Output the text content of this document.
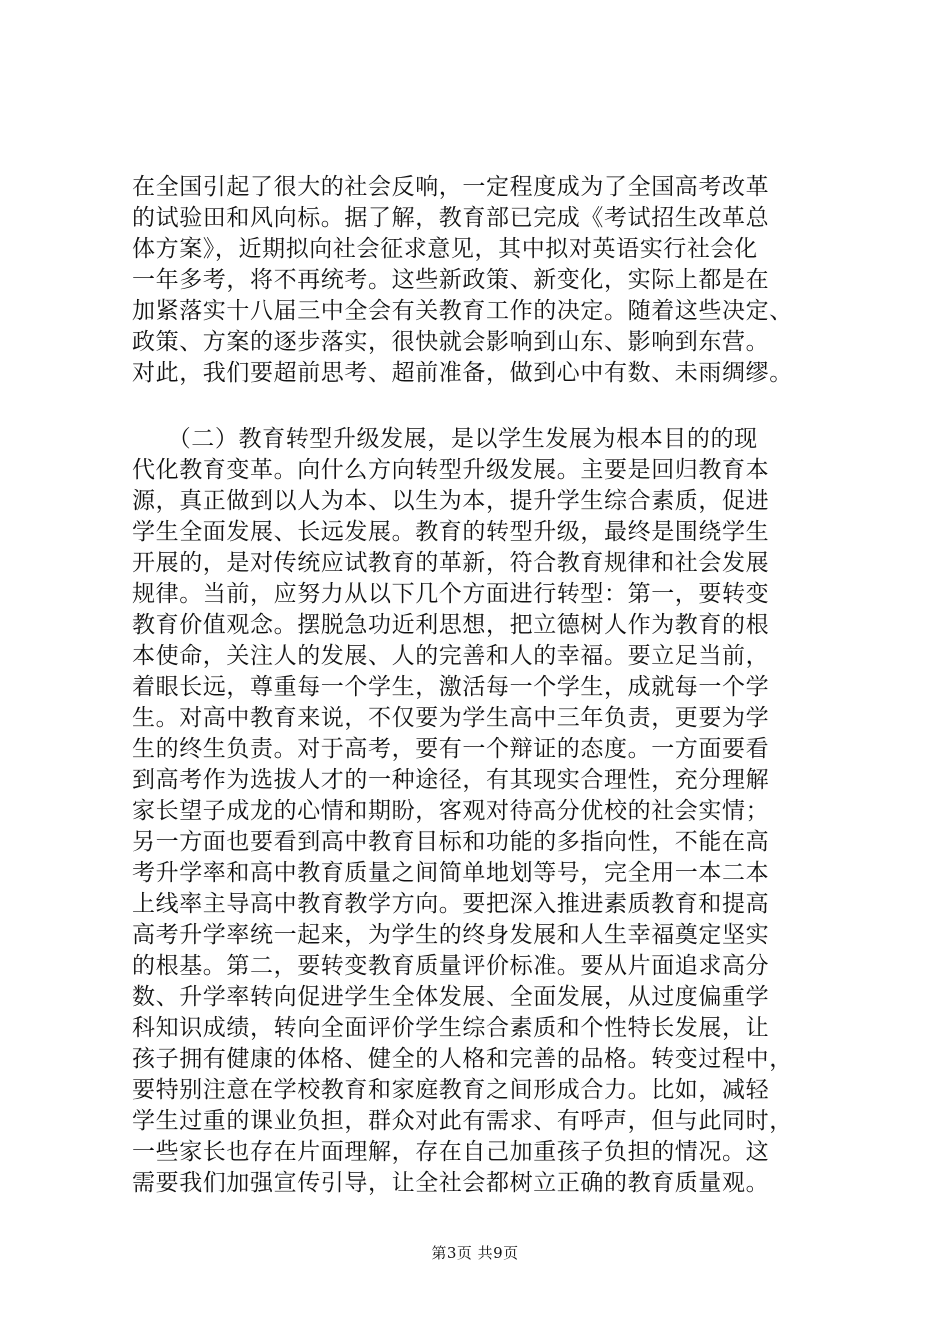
在全国引起了很大的社会反响，一定程度成为了全国高考改革
的试验田和风向标。据了解，教育部已完成《考试招生改革总
体方案》，近期拟向社会征求意见，其中拟对英语实行社会化
一年多考，将不再统考。这些新政策、新变化，实际上都是在
加紧落实十八届三中全会有关教育工作的决定。随着这些决定、
政策、方案的逐步落实，很快就会影响到山东、影响到东营。
对此，我们要超前思考、超前准备，做到心中有数、未雨绸缪。
　　（二）教育转型升级发展，是以学生发展为根本目的的现
代化教育变革。向什么方向转型升级发展。主要是回归教育本
源，真正做到以人为本、以生为本，提升学生综合素质，促进
学生全面发展、长远发展。教育的转型升级，最终是围绕学生
开展的，是对传统应试教育的革新，符合教育规律和社会发展
规律。当前，应努力从以下几个方面进行转型：第一，要转变
教育价值观念。摆脱急功近利思想，把立德树人作为教育的根
本使命，关注人的发展、人的完善和人的幸福。要立足当前，
着眼长远，尊重每一个学生，激活每一个学生，成就每一个学
生。对高中教育来说，不仅要为学生高中三年负责，更要为学
生的终生负责。对于高考，要有一个辩证的态度。一方面要看
到高考作为选拔人才的一种途径，有其现实合理性，充分理解
家长望子成龙的心情和期盼，客观对待高分优校的社会实情；
另一方面也要看到高中教育目标和功能的多指向性，不能在高
考升学率和高中教育质量之间简单地划等号，完全用一本二本
上线率主导高中教育教学方向。要把深入推进素质教育和提高
高考升学率统一起来，为学生的终身发展和人生幸福奠定坚实
的根基。第二，要转变教育质量评价标准。要从片面追求高分
数、升学率转向促进学生全体发展、全面发展，从过度偏重学
科知识成绩，转向全面评价学生综合素质和个性特长发展，让
孩子拥有健康的体格、健全的人格和完善的品格。转变过程中，
要特别注意在学校教育和家庭教育之间形成合力。比如，减轻
学生过重的课业负担，群众对此有需求、有呼声，但与此同时，
一些家长也存在片面理解，存在自己加重孩子负担的情况。这
需要我们加强宣传引导，让全社会都树立正确的教育质量观。
第3页 共9页
